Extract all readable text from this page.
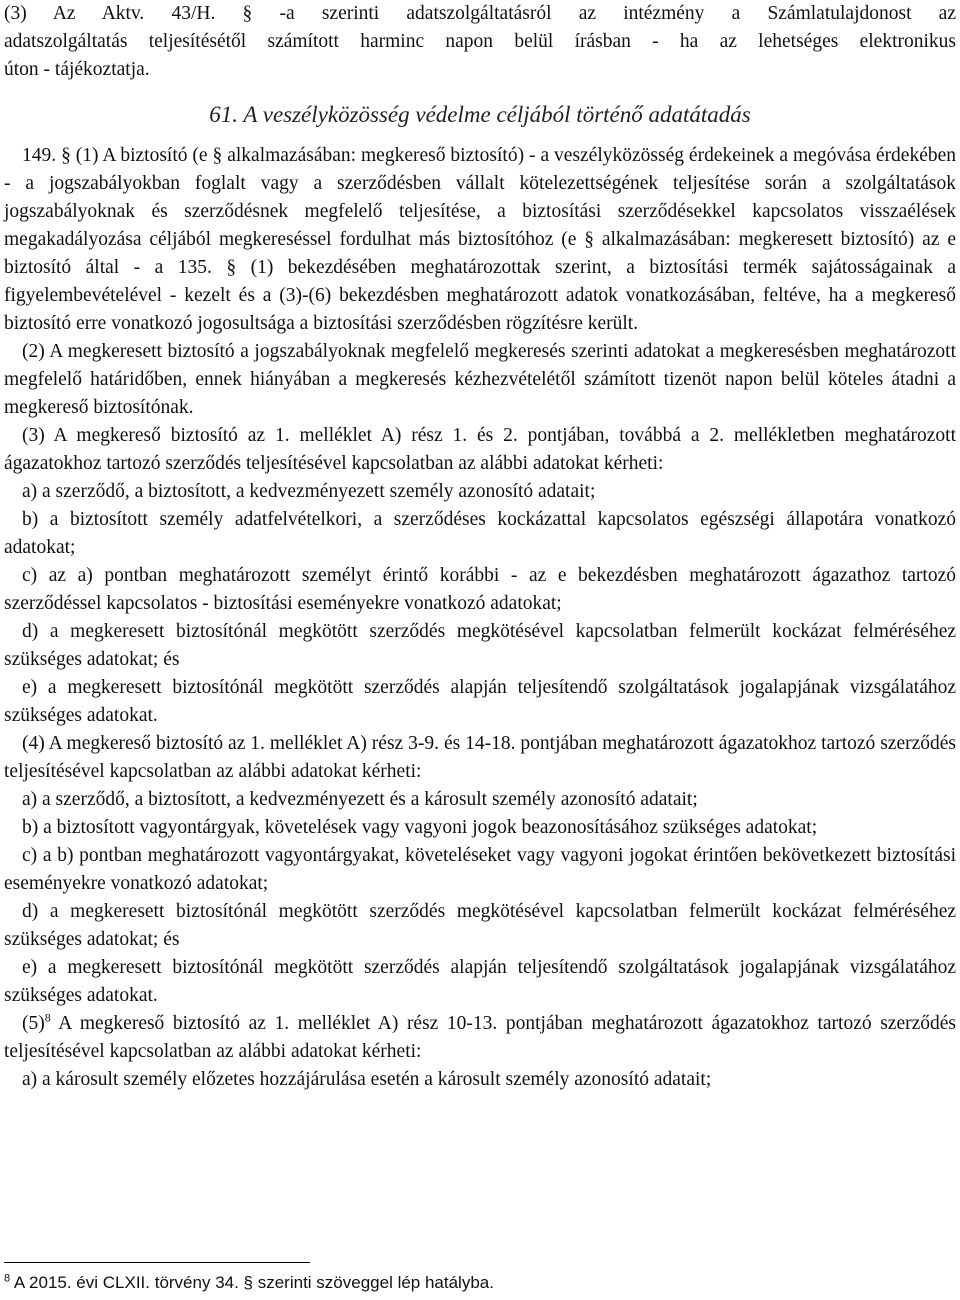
(3) Az Aktv. 43/H. § -a szerinti adatszolgáltatásról az intézmény a Számlatulajdonost az

adatszolgáltatás teljesítésétől számított harminc napon belül írásban - ha az lehetséges elektronikus

úton - tájékoztatja.

61. A veszélyközösség védelme céljából történő adatátadás

149. § (1) A biztosító (e § alkalmazásában: megkereső biztosító) - a veszélyközösség érdekeinek a megóvása érdekében - a jogszabályokban foglalt vagy a szerződésben vállalt kötelezettségének teljesítése során a szolgáltatások jogszabályoknak és szerződésnek megfelelő teljesítése, a biztosítási szerződésekkel kapcsolatos visszaélések megakadályozása céljából megkereséssel fordulhat más biztosítóhoz (e § alkalmazásában: megkeresett biztosító) az e biztosító által - a 135. § (1) bekezdésében meghatározottak szerint, a biztosítási termék sajátosságainak a figyelembevételével - kezelt és a (3)-(6) bekezdésben meghatározott adatok vonatkozásában, feltéve, ha a megkereső biztosító erre vonatkozó jogosultsága a biztosítási szerződésben rögzítésre került.

(2) A megkeresett biztosító a jogszabályoknak megfelelő megkeresés szerinti adatokat a megkeresésben meghatározott megfelelő határidőben, ennek hiányában a megkeresés kézhezvételétől számított tizenöt napon belül köteles átadni a megkereső biztosítónak.

(3) A megkereső biztosító az 1. melléklet A) rész 1. és 2. pontjában, továbbá a 2. mellékletben meghatározott ágazatokhoz tartozó szerződés teljesítésével kapcsolatban az alábbi adatokat kérheti:

a) a szerződő, a biztosított, a kedvezményezett személy azonosító adatait;

b) a biztosított személy adatfelvételkori, a szerződéses kockázattal kapcsolatos egészségi állapotára vonatkozó adatokat;

c) az a) pontban meghatározott személyt érintő korábbi - az e bekezdésben meghatározott ágazathoz tartozó szerződéssel kapcsolatos - biztosítási eseményekre vonatkozó adatokat;

d) a megkeresett biztosítónál megkötött szerződés megkötésével kapcsolatban felmerült kockázat felméréséhez szükséges adatokat; és

e) a megkeresett biztosítónál megkötött szerződés alapján teljesítendő szolgáltatások jogalapjának vizsgálatához szükséges adatokat.

(4) A megkereső biztosító az 1. melléklet A) rész 3-9. és 14-18. pontjában meghatározott ágazatokhoz tartozó szerződés teljesítésével kapcsolatban az alábbi adatokat kérheti:

a) a szerződő, a biztosított, a kedvezményezett és a károsult személy azonosító adatait;

b) a biztosított vagyontárgyak, követelések vagy vagyoni jogok beazonosításához szükséges adatokat;

c) a b) pontban meghatározott vagyontárgyakat, követeléseket vagy vagyoni jogokat érintően bekövetkezett biztosítási eseményekre vonatkozó adatokat;

d) a megkeresett biztosítónál megkötött szerződés megkötésével kapcsolatban felmerült kockázat felméréséhez szükséges adatokat; és

e) a megkeresett biztosítónál megkötött szerződés alapján teljesítendő szolgáltatások jogalapjának vizsgálatához szükséges adatokat.

$(5)^8$ A megkereső biztosító az 1. melléklet A) rész 10-13. pontjában meghatározott ágazatokhoz tartozó szerződés teljesítésével kapcsolatban az alábbi adatokat kérheti:

a) a károsult személy előzetes hozzájárulása esetén a károsult személy azonosító adatait;

$^8$ A 2015. évi CLXII. törvény 34. § szerinti szöveggel lép hatályba.
